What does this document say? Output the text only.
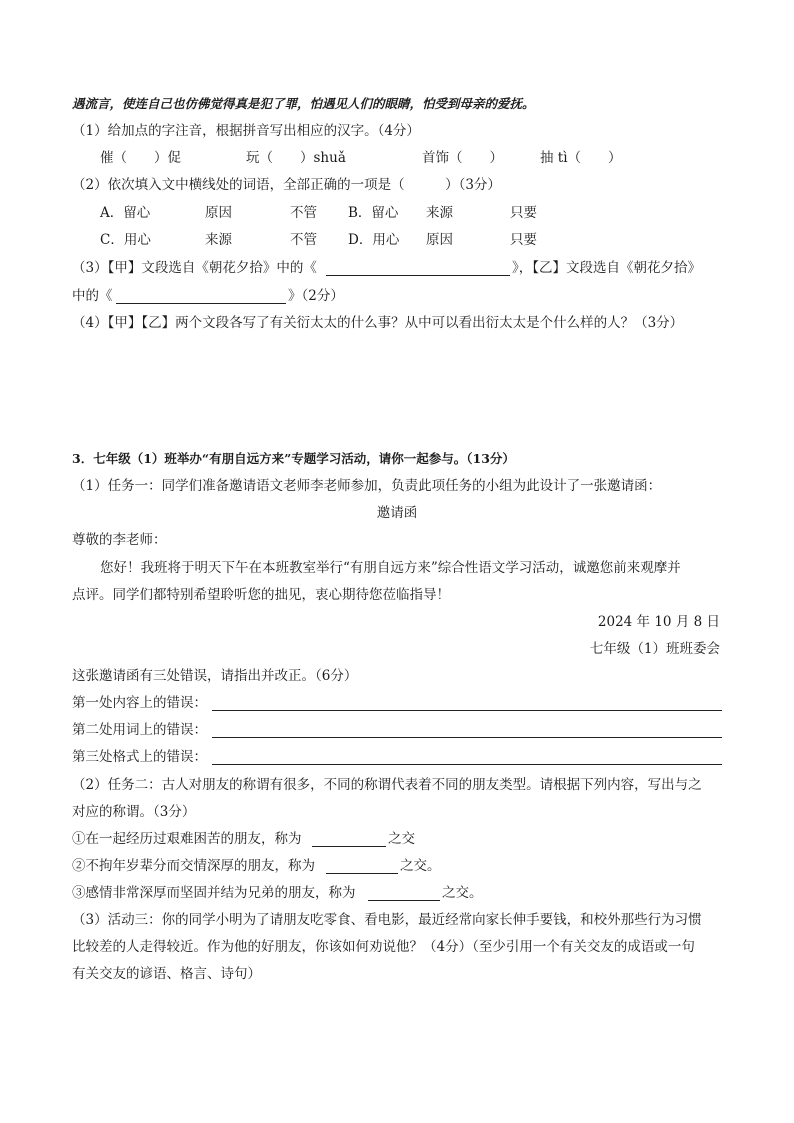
遇流言，使连自己也仿佛觉得真是犯了罪，怕遇见人们的眼睛，怕受到母亲的爱抚。
（1）给加点的字注音，根据拼音写出相应的汉字。（4分）
催（　　）促	玩（　　）shuǎ	首饰（　　）	抽 tì（　　）
（2）依次填入文中横线处的词语，全部正确的一项是（　　　）（3分）
A．留心	原因	不管 B．留心 来源	只要
C．用心	来源	不管 D．用心 原因	只要
（3）【甲】文段选自《朝花夕拾》中的《	》，【乙】文段选自《朝花夕拾》
中的《	》（2分）
（4）【甲】【乙】两个文段各写了有关衍太太的什么事？从中可以看出衍太太是个什么样的人？（3分）
3．七年级（1）班举办“有朋自远方来”专题学习活动，请你一起参与。（13分）
（1）任务一：同学们准备邀请语文老师李老师参加，负责此项任务的小组为此设计了一张邀请函：
邀请函
尊敬的李老师：
您好！我班将于明天下午在本班教室举行“有朋自远方来”综合性语文学习活动，诚邀您前来观摩并
点评。同学们都特别希望聆听您的拙见，衷心期待您莅临指导！
2024 年 10 月 8 日
七年级（1）班班委会
这张邀请函有三处错误，请指出并改正。（6分）
第一处内容上的错误：
第二处用词上的错误：
第三处格式上的错误：
（2）任务二：古人对朋友的称谓有很多，不同的称谓代表着不同的朋友类型。请根据下列内容，写出与之
对应的称谓。（3分）
①在一起经历过艰难困苦的朋友，称为	之交
②不拘年岁辈分而交情深厚的朋友，称为	之交。
③感情非常深厚而坚固并结为兄弟的朋友，称为	之交。
（3）活动三：你的同学小明为了请朋友吃零食、看电影，最近经常向家长伸手要钱，和校外那些行为习惯
比较差的人走得较近。作为他的好朋友，你该如何劝说他？（4分）（至少引用一个有关交友的成语或一句
有关交友的谚语、格言、诗句）
